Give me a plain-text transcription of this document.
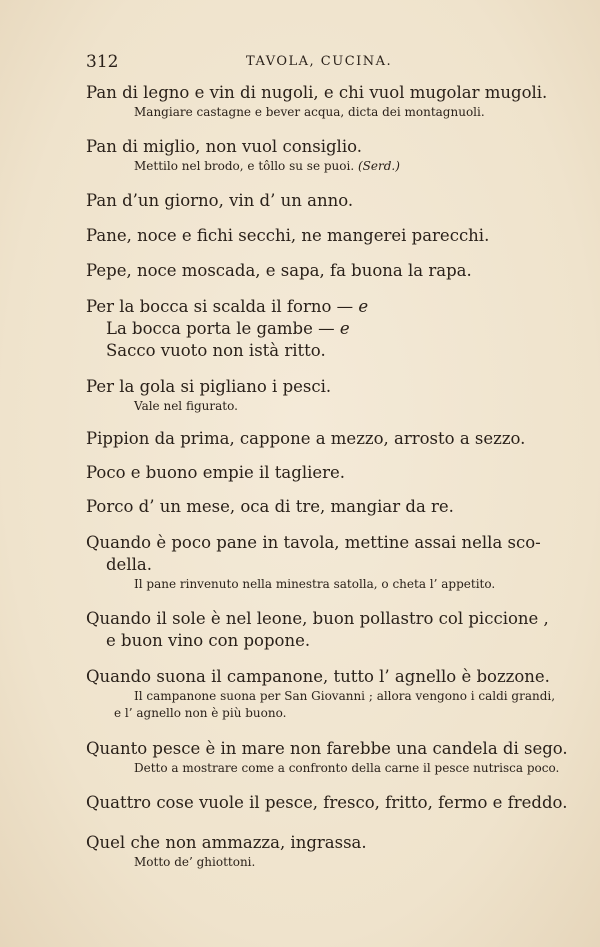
312	TAVOLA, CUCINA.
Pan di legno e vin di nugoli, e chi vuol mugolar mugoli.
Mangiare castagne e bever acqua, dicta dei montagnuoli.
Pan di miglio, non vuol consiglio.
Mettilo nel brodo, e tôllo su se puoi. (Serd.)
Pan d’un giorno, vin d’ un anno.
Pane, noce e fichi secchi, ne mangerei parecchi.
Pepe, noce moscada, e sapa, fa buona la rapa.
Per la bocca si scalda il forno — e
La bocca porta le gambe — e
Sacco vuoto non istà ritto.
Per la gola si pigliano i pesci.
Vale nel figurato.
Pippion da prima, cappone a mezzo, arrosto a sezzo.
Poco e buono empie il tagliere.
Porco d’ un mese, oca di tre, mangiar da re.
Quando è poco pane in tavola, mettine assai nella sco-
della.
Il pane rinvenuto nella minestra satolla, o cheta l’ appetito.
Quando il sole è nel leone, buon pollastro col piccione ,
e buon vino con popone.
Quando suona il campanone, tutto l’ agnello è bozzone.
Il campanone suona per San Giovanni ; allora vengono i caldi grandi,
e l’ agnello non è più buono.
Quanto pesce è in mare non farebbe una candela di sego.
Detto a mostrare come a confronto della carne il pesce nutrisca poco.
Quattro cose vuole il pesce, fresco, fritto, fermo e freddo.
Quel che non ammazza, ingrassa.
Motto de’ ghiottoni.
